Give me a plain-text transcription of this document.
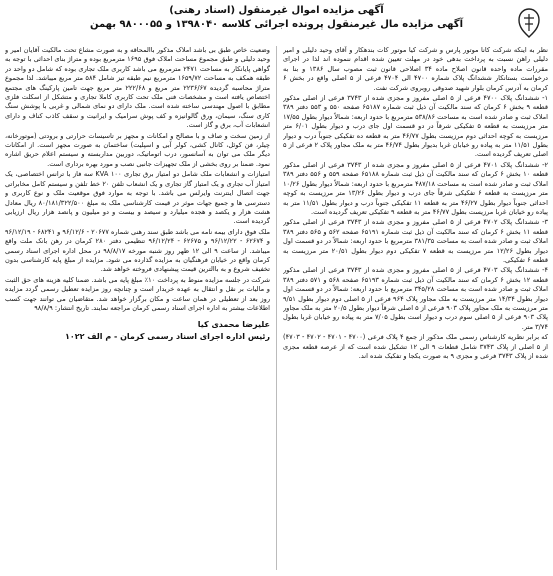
آگهی مزایده اموال غیرمنقول (اسناد رهنی)
آگهی مزایده مال غیرمنقول پرونده اجرائی کلاسه ۱۳۹۸۰۴۰ و ۹۸۰۰۰۵۵ بهمن

نظر به اینکه شرکت کانا موتور پارس و شرکت کیا موتور کات بندهکار و آقای وحید دلیلی و امیر دلیلی راهن نسبت به پرداخت بدهی خود در مهلت تعیین شده اقدام ننموده اند لذا در اجرای مقررات ماده واحده قانون اصلاح ماده ۳۴ اصلاحی قانون ثبت مصوب سال ۱۳۸۶ و بنا به درخواست بستانکار ششدانگ پلاک شماره ۴۷۰۰ الی ۴۷۰۴ فرعی از ۵ اصلی واقع در بخش ۶ کرمان به آدرس کرمان بلوار شهید صدوقی روبروی شرکت نفت.

۱- ششدانگ پلاک ۴۷۰۰ فرعی از ۵ اصلی مفروز و مجزی شده از ۳۷۴۳ فرعی از اصلی مذکور قطعه ۹ بخش ۶ کرمان که سند مالکیت آن ذیل ثبت شماره ۶۵۱۸۷ صفحه ۵۵۰ و ۵۵۳ دفتر ۳۸۹ املاک ثبت و صادر شده است به مساحت ۵۳۸/۸۶ مترمربع با حدود اربعه: شمالاً دیوار بطول ۱۷/۵۵ متر مرزیست به قطعه ۵ تفکیکی شرقاً در دو قسمت اول جای درب و دیوار بطول ۶/۰۱ متر مرزیست به کوچه احداثی دوم مرزیست بطول ۴۶/۷۷ متر به قطعه ده تفکیکی جنوباً درب و دیوار بطول ۱۱/۵۱ متر به پیاده رو خیابان غربا بدیوار بطول ۴۶/۷۴ متر به ملک مجاور پلاک ۲ فرعی از ۵ اصلی تعریف گردیده است.

۲- ششدانگ پلاک ۴۷۰۱ فرعی از ۵ اصلی مفروز و مجزی شده از ۳۷۴۳ فرعی از اصلی مذکور قطعه ۱۰ بخش ۶ کرمان که سند مالکیت آن ذیل ثبت شماره ۶۵۱۸۸ صفحه ۵۵۹ و ۵۵۶ دفتر ۳۸۹ املاک ثبت و صادر شده است به مساحت ۴۸۷/۱۸ مترمربع با حدود اربعه: شمالاً دیوار بطول ۱۰/۲۶ متر مرزیست به قطعه ۶ تفکیکی شرقاً جای درب و دیوار بطول ۱۳/۲۶ متر مرزیست به کوچه احداثی جنوباً دیوار بطول ۴۶/۲۷ متر به قطعه ۱۱ تفکیکی جنوباً درب و دیوار بطول ۱۱/۵۱ متر به پیاده رو خیابان غربا مرزیست بطول ۴۶/۷۷ متر به قطعه ۹ تفکیکی تعریف گردیده است.

۳- ششدانگ پلاک ۴۷۰۲ فرعی از ۵ اصلی مفروز و مجزی شده از ۳۷۴۳ فرعی از اصلی مذکور قطعه ۱۱ بخش ۶ کرمان که سند مالکیت آن ذیل ثبت شماره ۶۵۱۹۱ صفحه ۵۶۲ و ۵۶۵ دفتر ۳۸۹ املاک ثبت و صادر شده است به مساحت ۳۸۱/۳۵ مترمربع با حدود اربعه: شمالاً در دو قسمت اول دیوار بطول ۱۲/۲۶ متر مرزیست به قطعه ۷ تفکیکی دوم دیوار بطول ۲۰/۵۱ متر مرزیست به قطعه ۶ تفکیکی.

۴- ششدانگ پلاک ۴۷۰۳ فرعی از ۵ اصلی مفروز و مجزی شده از ۳۷۴۳ فرعی از اصلی مذکور قطعه ۱۲ بخش ۶ کرمان که سند مالکیت آن ذیل ثبت شماره ۶۵۱۹۳ صفحه ۵۶۸ و ۵۷۱ دفتر ۳۸۹ املاک ثبت و صادر شده است به مساحت ۳۴۵/۲۸ مترمربع با حدود اربعه: شمالاً در دو قسمت اول دیوار بطول ۱۴/۳۴ متر مرزیست به ملک مجاور پلاک ۹۶۴ فرعی از ۵ اصلی دوم دیوار بطول ۹/۵۱ متر مرزیست به ملک مجاور پلاک ۹۰۳ فرعی از ۵ اصلی شرقاً دیوار بطول ۲۰/۵ متر به ملک مجاور پلاک ۹۰۳ فرعی از ۵ اصلی سوم درب و دیوار است بطول ۷/۰۵ متر به پیاده رو خیابان غربا بطول ۳/۷۴ متر.

که برابر نظریه کارشناس رسمی ملک مذکور از جمع ۴ پلاک فرعی (۴۷۰۰ - ۴۷۰۱ - ۴۷۰۲ - ۴۷۰۳) از ۵ اصلی از پلاک ۳۷۴۳ شامل قطعات ۹ الی ۱۲ تشکیل شده است که از عرصه قطعه مجزی شده از پلاک ۳۷۴۳ فرعی و مجزی ۹ به صورت یکجا و تفکیک شده اند.

وضعیت خاص طبق بی باشد املاک مذکور باالمحاقه و به صورت مشاع تحت مالکیت آقایان امیر و وحید دلیلی و طبق مجموع مساحت املاک فوق ۱۶۹۵ مترمربع بوده و متراژ بنای احداثی با توجه به گواهی پایانکار به مساحت ۲۴۷۱ مترمربع می باشد کاربری ملک تجاری بوده که شامل دو واحد در طبقه همکف به مساحت ۱۶۵۹/۷۲ مترمربع نیم طبقه تیز شامل ۵۸۴ متر مربع میباشد. لذا مجموع متراژ محاسبه گردیده ۲۲۳۶/۶۷ متر مربع و ۲۲۲/۶۸ متر مربع جهت تامین پارکینگ های مجتمع اختصاص یافته است و مشخصات فنی ملک تحت کاربری کاملا تجاری و متشکل از اسکلت فلزی مطابق با اصول مهندسی ساخته شده است. ملک دارای دو نمای شمالی و غربی با پوشش سنگ کاری سنگ، سیمان، ورق گالوانیزه و کف پوش سرامیک و ایرانیت و سقف کاذب کناف و دارای انشعابات آب، برق و گاز است.

از زمین سخت و صاف و با مصالح و امکانات و مجهز بر تاسیسات حرارتی و برودتی (موتورخانه، چیلر، فن کوئل، کانال کشی، کولر آبی و اسپلیت) ساختمان به صورت مجهز است. از امکانات دیگر ملک می توان به آسانسور، درب اتوماتیک، دوربین مداربسته و سیستم اعلام حریق اشاره نمود. ضمنا بر روی بخشی از ملک تجهیزات جانبی نصب و مورد بهره برداری است.

امتیازات و انشعابات ملک شامل دو امتیاز برق تجاری ۱۰۰ KVA سه فاز با ترانس اختصاصی، یک امتیاز آب تجاری و یک امتیاز گاز تجاری و یک انشعاب تلفن ۲۰ خط تلفن و سیستم کامل مخابراتی جهت اتصال اینترنت وایرلس می باشد. با توجه به موارد فوق موقعیت ملک و نوع کاربری و دسترسی ها و جمیع جهات موثر در قیمت کارشناسی ملک به مبلغ ۸۰/۱۸۱/۳۲۲/۵۰۰ ریال معادل هشت هزار و یکصد و هجده میلیارد و سیصد و بیست و دو میلیون و پانصد هزار ریال ارزیابی گردیده است.

ملک فوق دارای بیمه نامه می باشد طبق سند رهنی شماره ۲۰۶۷۷ - ۹۶/۱۲/۶ و ۶۸۲۴۱ - ۹۶/۱۲/۱۹ و ۶۲۶۷۴ - ۹۶/۱۲/۲۲ و ۶۲۶۷۵ - ۹۶/۱۲/۲۴ تنظیمی دفتر ۲۸۰ کرمان در رهن بانک ملت واقع میباشد. از ساعت ۹ الی ۱۲ ظهر روز شنبه مورخه ۹۸/۸/۱۷ در محل اداره اجرای اسناد رسمی کرمان واقع در خیابان فرهنگیان به مزایده گذارده می شود. مزایده از مبلغ پایه کارشناسی بدون تخفیف شروع و به باالترین قیمت پیشنهادی فروخته خواهد شد.

شرکت در جلسه مزایده منوط به پرداخت ۱۰٪ مبلغ پایه می باشد. ضمنا کلیه هزینه های حق الثبت و مالیات بر نقل و انتقال به عهده خریدار است و چنانچه روز مزایده تعطیل رسمی گردد مزایده روز بعد از تعطیلی در همان ساعت و مکان برگزار خواهد شد. متقاضیان می توانند جهت کسب اطلاعات بیشتر به اداره اجرای اسناد رسمی کرمان مراجعه نمایند. تاریخ انتشار: ۹۸/۸/۹

علیرضا محمدی کیا
رئیس اداره اجرای اسناد رسمی کرمان - م الف ۱۰۲۲
